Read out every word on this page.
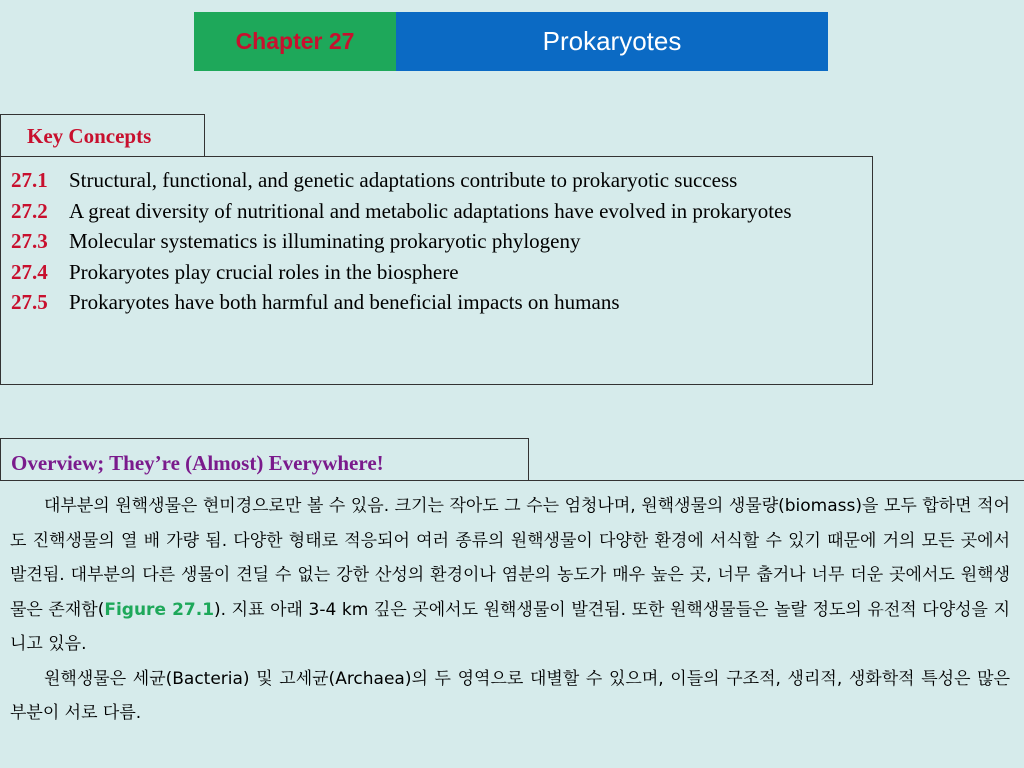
Chapter 27	Prokaryotes
Key Concepts
27.1	Structural, functional, and genetic adaptations contribute to prokaryotic success
27.2	A great diversity of nutritional and metabolic adaptations have evolved in prokaryotes
27.3	Molecular systematics is illuminating prokaryotic phylogeny
27.4	Prokaryotes play crucial roles in the biosphere
27.5	Prokaryotes have both harmful and beneficial impacts on humans
Overview; They’re (Almost) Everywhere!

대부분의 원핵생물은 현미경으로만 볼 수 있음. 크기는 작아도 그 수는 엄청나며, 원핵생물의 생물량(biomass)을 모두 합하면 적어도 진핵생물의 열 배 가량 됨. 다양한 형태로 적응되어 여러 종류의 원핵생물이 다양한 환경에 서식할 수 있기 때문에 거의 모든 곳에서 발견됨. 대부분의 다른 생물이 견딜 수 없는 강한 산성의 환경이나 염분의 농도가 매우 높은 곳, 너무 춥거나 너무 더운 곳에서도 원핵생물은 존재함(Figure 27.1). 지표 아래 3-4 km 깊은 곳에서도 원핵생물이 발견됨. 또한 원핵생물들은 놀랄 정도의 유전적 다양성을 지니고 있음.

원핵생물은 세균(Bacteria) 및 고세균(Archaea)의 두 영역으로 대별할 수 있으며, 이들의 구조적, 생리적, 생화학적 특성은 많은 부분이 서로 다름.
